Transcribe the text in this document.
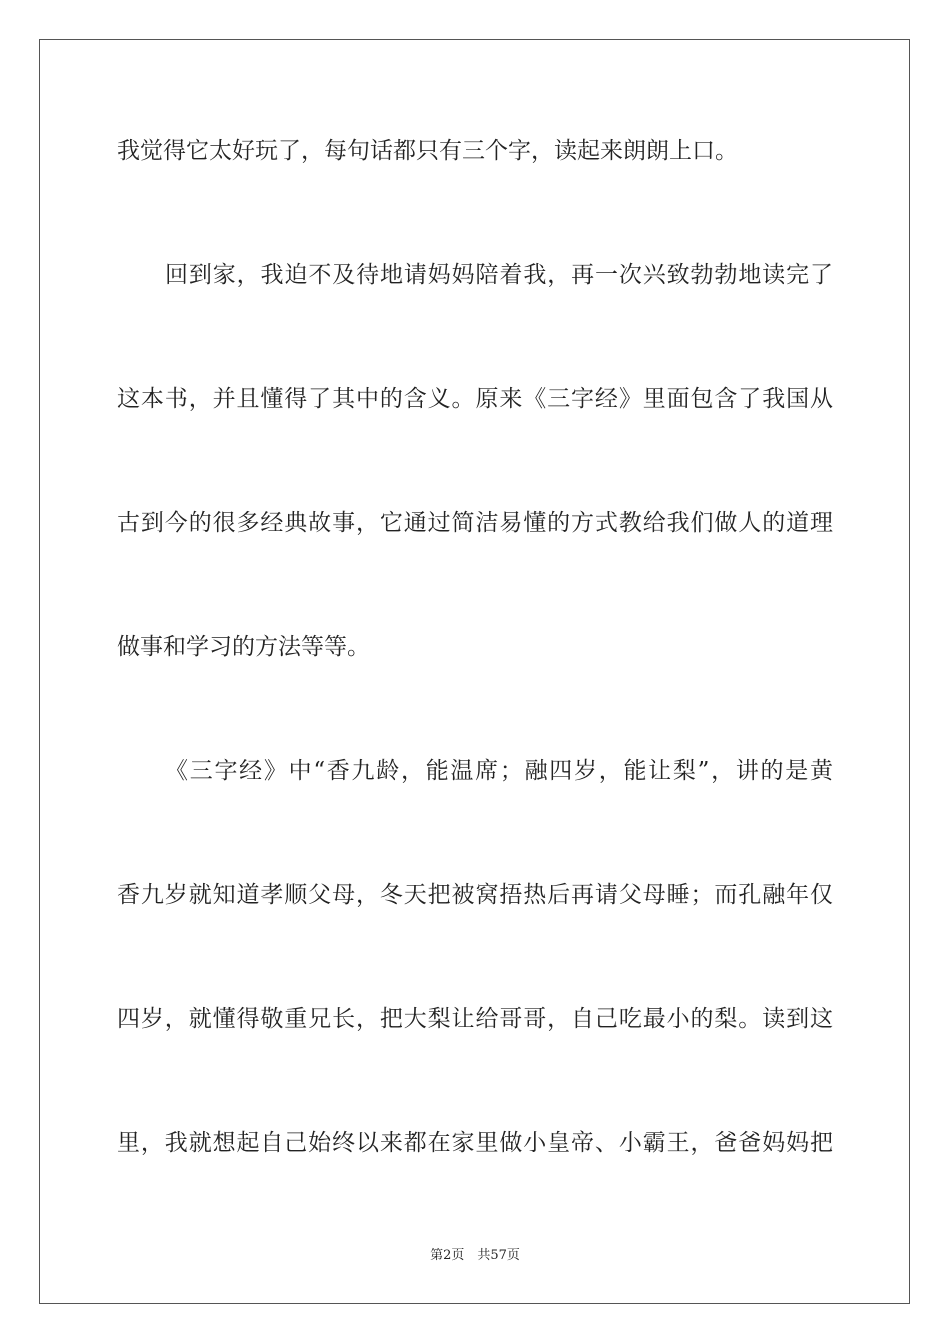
我觉得它太好玩了，每句话都只有三个字，读起来朗朗上口。
回到家，我迫不及待地请妈妈陪着我，再一次兴致勃勃地读完了
这本书，并且懂得了其中的含义。原来《三字经》里面包含了我国从
古到今的很多经典故事，它通过简洁易懂的方式教给我们做人的道理
做事和学习的方法等等。
《三字经》中“香九龄，能温席；融四岁，能让梨”，讲的是黄
香九岁就知道孝顺父母，冬天把被窝捂热后再请父母睡；而孔融年仅
四岁，就懂得敬重兄长，把大梨让给哥哥，自己吃最小的梨。读到这
里，我就想起自己始终以来都在家里做小皇帝、小霸王，爸爸妈妈把
第2页　共57页
